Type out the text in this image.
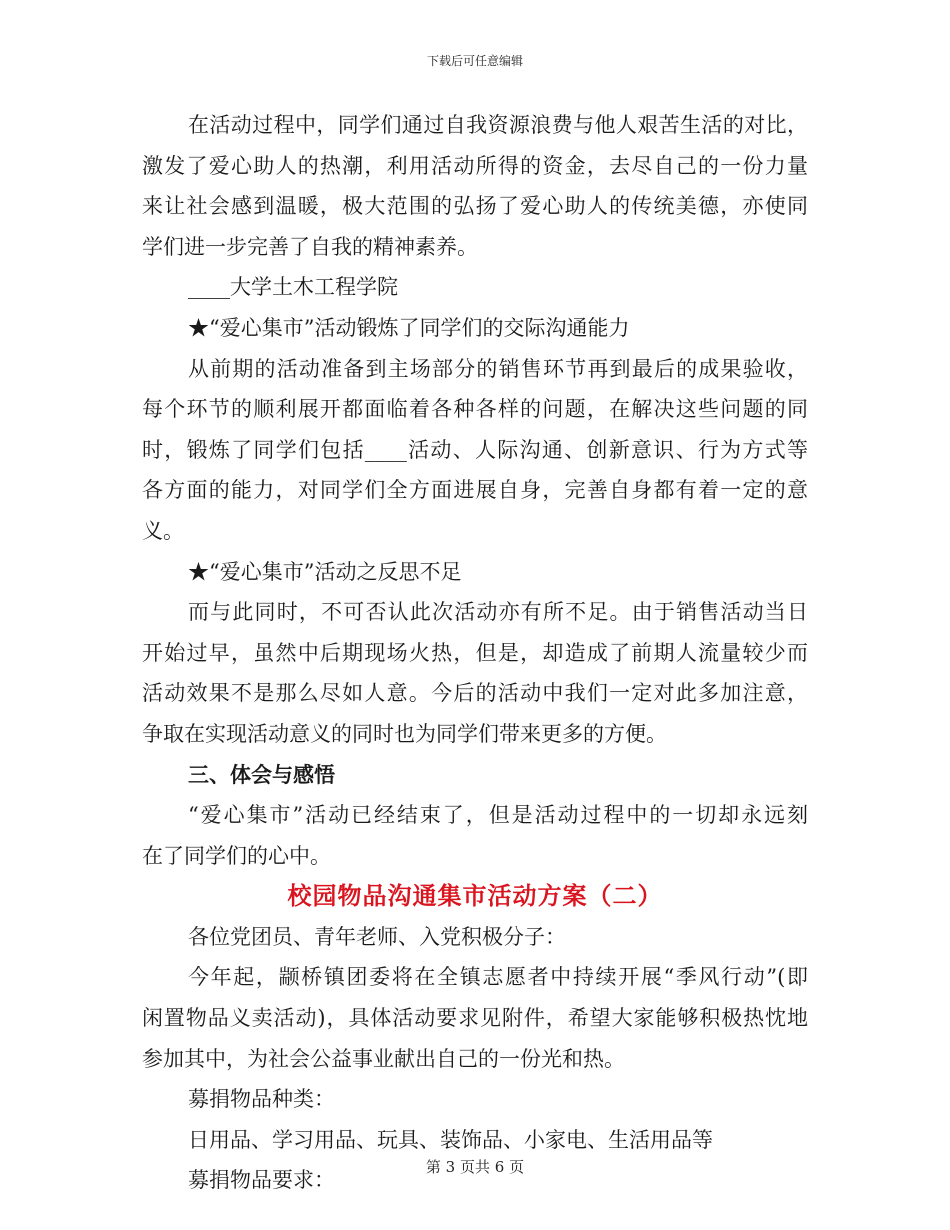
下载后可任意编辑
在活动过程中，同学们通过自我资源浪费与他人艰苦生活的对比，
激发了爱心助人的热潮，利用活动所得的资金，去尽自己的一份力量
来让社会感到温暖，极大范围的弘扬了爱心助人的传统美德，亦使同
学们进一步完善了自我的精神素养。
____大学土木工程学院
★“爱心集市”活动锻炼了同学们的交际沟通能力
从前期的活动准备到主场部分的销售环节再到最后的成果验收，
每个环节的顺利展开都面临着各种各样的问题，在解决这些问题的同
时，锻炼了同学们包括____活动、人际沟通、创新意识、行为方式等
各方面的能力，对同学们全方面进展自身，完善自身都有着一定的意
义。
★“爱心集市”活动之反思不足
而与此同时，不可否认此次活动亦有所不足。由于销售活动当日
开始过早，虽然中后期现场火热，但是，却造成了前期人流量较少而
活动效果不是那么尽如人意。今后的活动中我们一定对此多加注意，
争取在实现活动意义的同时也为同学们带来更多的方便。
三、体会与感悟
“爱心集市”活动已经结束了，但是活动过程中的一切却永远刻
在了同学们的心中。
校园物品沟通集市活动方案（二）
各位党团员、青年老师、入党积极分子：
今年起，颛桥镇团委将在全镇志愿者中持续开展“季风行动”(即
闲置物品义卖活动)，具体活动要求见附件，希望大家能够积极热忱地
参加其中，为社会公益事业献出自己的一份光和热。
募捐物品种类：
日用品、学习用品、玩具、装饰品、小家电、生活用品等
募捐物品要求：
第 3 页共 6 页
